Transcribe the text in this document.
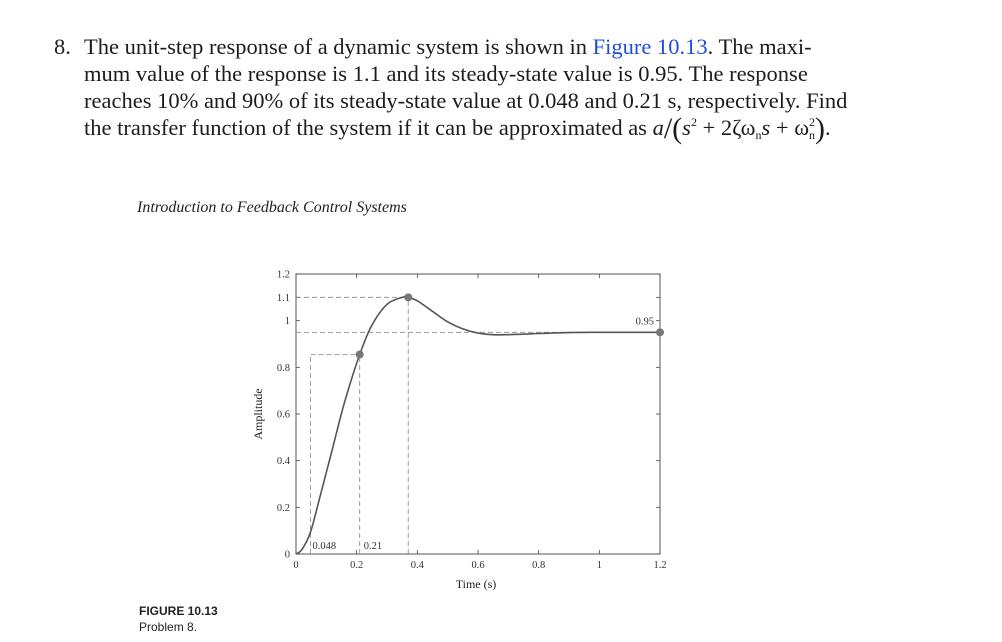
8. The unit-step response of a dynamic system is shown in Figure 10.13. The maxi-
mum value of the response is 1.1 and its steady-state value is 0.95. The response
reaches 10% and 90% of its steady-state value at 0.048 and 0.21 s, respectively. Find
the transfer function of the system if it can be approximated as $a/(s^2 + 2\zeta\omega_ns + \omega^2_n)$.
Introduction to Feedback Control Systems
0	0.2	0.4	0.6	0.8	1	1.2
0
0.2
0.4
0.6
0.8
1
1.1
1.2
0.048	0.21
0.95
Time (s)
Amplitude
FIGURE 10.13
Problem 8.
